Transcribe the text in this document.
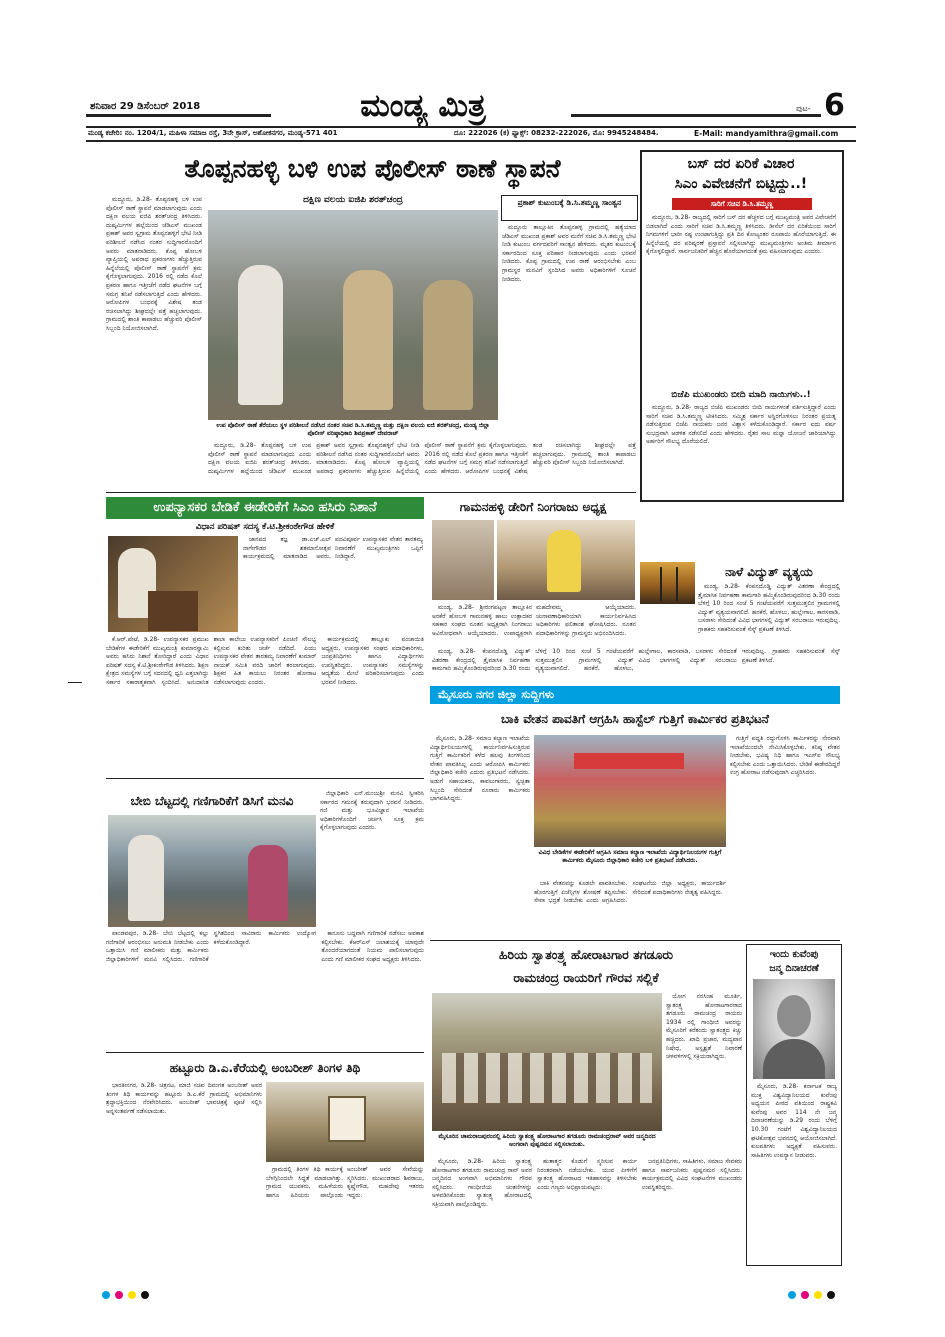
ಶನಿವಾರ 29 ಡಿಸೆಂಬರ್ 2018	ಮಂಡ್ಯ ಮಿತ್ರ	ಪುಟ- 6
ಮಂಡ್ಯ ಕಚೇರಿ: ನಂ. 1204/1, ಮಹಿಳಾ ಸಮಾಜ ರಸ್ತೆ, 3ನೇ ಕ್ರಾಸ್, ಅಶೋಕನಗರ, ಮಂಡ್ಯ-571 401	ದೂ: 222026 (ಕ) ಫ್ಯಾಕ್ಸ್: 08232-222026, ಮೊ: 9945248484.	E-Mail: mandyamithra@gmail.com
ತೊಪ್ಪನಹಳ್ಳಿ ಬಳಿ ಉಪ ಪೊಲೀಸ್ ಠಾಣೆ ಸ್ಥಾಪನೆ

ಮದ್ದೂರು, ಡಿ.28- ತೊಪ್ಪನಹಳ್ಳಿ ಬಳಿ ಉಪ ಪೊಲೀಸ್ ಠಾಣೆ ಸ್ಥಾಪನೆ ಮಾಡಲಾಗುವುದು ಎಂದು ದಕ್ಷಿಣ ವಲಯ ಐಜಿಪಿ ಶರತ್‌ಚಂದ್ರ ತಿಳಿಸಿದರು. ದುಷ್ಕರ್ಮಿಗಳ ಹಲ್ಲೆಯಿಂದ ಜೆಡಿಎಸ್ ಮುಖಂಡ ಪ್ರಕಾಶ್ ಅವರ ಸ್ವಗ್ರಾಮ ತೊಪ್ಪನಹಳ್ಳಿಗೆ ಭೇಟಿ ನೀಡಿ ಪರಿಶೀಲನೆ ನಡೆಸಿದ ನಂತರ ಸುದ್ದಿಗಾರರೊಂದಿಗೆ ಅವರು ಮಾತನಾಡಿದರು. ಕೊಪ್ಪ ಹೋಬಳಿ ವ್ಯಾಪ್ತಿಯಲ್ಲಿ ಅಪರಾಧ ಪ್ರಕರಣಗಳು ಹೆಚ್ಚುತ್ತಿರುವ ಹಿನ್ನೆಲೆಯಲ್ಲಿ ಪೊಲೀಸ್ ಠಾಣೆ ಸ್ಥಾಪನೆಗೆ ಕ್ರಮ ಕೈಗೊಳ್ಳಲಾಗುವುದು. 2016 ರಲ್ಲಿ ನಡೆದ ಕೊಲೆ ಪ್ರಕರಣ ಹಾಗೂ ಇತ್ತೀಚೆಗೆ ನಡೆದ ಘಟನೆಗಳ ಬಗ್ಗೆ ಸಮಗ್ರ ತನಿಖೆ ನಡೆಸಲಾಗುತ್ತಿದೆ ಎಂದು ಹೇಳಿದರು. ಆರೋಪಿಗಳ ಬಂಧನಕ್ಕೆ ವಿಶೇಷ ತಂಡ ರಚಿಸಲಾಗಿದ್ದು ಶೀಘ್ರದಲ್ಲೇ ಪತ್ತೆ ಹಚ್ಚಲಾಗುವುದು. ಗ್ರಾಮದಲ್ಲಿ ಶಾಂತಿ ಕಾಪಾಡಲು ಹೆಚ್ಚುವರಿ ಪೊಲೀಸ್ ಸಿಬ್ಬಂದಿ ನಿಯೋಜಿಸಲಾಗಿದೆ.

ದಕ್ಷಿಣ ವಲಯ ಐಜಿಪಿ ಶರತ್‌ಚಂದ್ರ
ಉಪ ಪೊಲೀಸ್ ಠಾಣೆ ತೆರೆಯಲು ಸ್ಥಳ ಪರಿಶೀಲನೆ ನಡೆಸಿದ ನಂತರ ಸಚಿವ ಡಿ.ಸಿ.ತಮ್ಮಣ್ಣ ಮತ್ತು ದಕ್ಷಿಣ ವಲಯ ಐಜಿ ಶರತ್‌ಚಂದ್ರ, ಮಂಡ್ಯ ಜಿಲ್ಲಾ ಪೊಲೀಸ್ ವರಿಷ್ಠಾಧಿಕಾರಿ ಶಿವಪ್ರಕಾಶ್ ದೇವರಾಜ್
ಪ್ರಕಾಶ್ ಕುಟುಂಬಕ್ಕೆ ಡಿ.ಸಿ.ತಮ್ಮಣ್ಣ ಸಾಂತ್ವನ

ಮದ್ದೂರು ತಾಲ್ಲೂಕಿನ ತೊಪ್ಪನಹಳ್ಳಿ ಗ್ರಾಮದಲ್ಲಿ ಹತ್ಯೆಯಾದ ಜೆಡಿಎಸ್ ಮುಖಂಡ ಪ್ರಕಾಶ್ ಅವರ ಮನೆಗೆ ಸಚಿವ ಡಿ.ಸಿ.ತಮ್ಮಣ್ಣ ಭೇಟಿ ನೀಡಿ ಕುಟುಂಬ ವರ್ಗದವರಿಗೆ ಸಾಂತ್ವನ ಹೇಳಿದರು. ಮೃತರ ಕುಟುಂಬಕ್ಕೆ ಸರ್ಕಾರದಿಂದ ಸೂಕ್ತ ಪರಿಹಾರ ನೀಡಲಾಗುವುದು ಎಂದು ಭರವಸೆ ನೀಡಿದರು. ಕೊಪ್ಪ ಗ್ರಾಮದಲ್ಲಿ ಉಪ ಠಾಣೆ ಆರಂಭಿಸಬೇಕು ಎಂಬ ಗ್ರಾಮಸ್ಥರ ಮನವಿಗೆ ಸ್ಪಂದಿಸಿದ ಅವರು ಅಧಿಕಾರಿಗಳಿಗೆ ಸೂಚನೆ ನೀಡಿದರು.

ಮದ್ದೂರು, ಡಿ.28- ತೊಪ್ಪನಹಳ್ಳಿ ಬಳಿ ಉಪ ಪೊಲೀಸ್ ಠಾಣೆ ಸ್ಥಾಪನೆ ಮಾಡಲಾಗುವುದು ಎಂದು ದಕ್ಷಿಣ ವಲಯ ಐಜಿಪಿ ಶರತ್‌ಚಂದ್ರ ತಿಳಿಸಿದರು. ದುಷ್ಕರ್ಮಿಗಳ ಹಲ್ಲೆಯಿಂದ ಜೆಡಿಎಸ್ ಮುಖಂಡ ಪ್ರಕಾಶ್ ಅವರ ಸ್ವಗ್ರಾಮ ತೊಪ್ಪನಹಳ್ಳಿಗೆ ಭೇಟಿ ನೀಡಿ ಪರಿಶೀಲನೆ ನಡೆಸಿದ ನಂತರ ಸುದ್ದಿಗಾರರೊಂದಿಗೆ ಅವರು ಮಾತನಾಡಿದರು. ಕೊಪ್ಪ ಹೋಬಳಿ ವ್ಯಾಪ್ತಿಯಲ್ಲಿ ಅಪರಾಧ ಪ್ರಕರಣಗಳು ಹೆಚ್ಚುತ್ತಿರುವ ಹಿನ್ನೆಲೆಯಲ್ಲಿ ಪೊಲೀಸ್ ಠಾಣೆ ಸ್ಥಾಪನೆಗೆ ಕ್ರಮ ಕೈಗೊಳ್ಳಲಾಗುವುದು. 2016 ರಲ್ಲಿ ನಡೆದ ಕೊಲೆ ಪ್ರಕರಣ ಹಾಗೂ ಇತ್ತೀಚೆಗೆ ನಡೆದ ಘಟನೆಗಳ ಬಗ್ಗೆ ಸಮಗ್ರ ತನಿಖೆ ನಡೆಸಲಾಗುತ್ತಿದೆ ಎಂದು ಹೇಳಿದರು. ಆರೋಪಿಗಳ ಬಂಧನಕ್ಕೆ ವಿಶೇಷ ತಂಡ ರಚಿಸಲಾಗಿದ್ದು ಶೀಘ್ರದಲ್ಲೇ ಪತ್ತೆ ಹಚ್ಚಲಾಗುವುದು. ಗ್ರಾಮದಲ್ಲಿ ಶಾಂತಿ ಕಾಪಾಡಲು ಹೆಚ್ಚುವರಿ ಪೊಲೀಸ್ ಸಿಬ್ಬಂದಿ ನಿಯೋಜಿಸಲಾಗಿದೆ.

ಬಸ್ ದರ ಏರಿಕೆ ವಿಚಾರ
ಸಿಎಂ ವಿವೇಚನೆಗೆ ಬಿಟ್ಟಿದ್ದು..!
ಸಾರಿಗೆ ಸಚಿವ ಡಿ.ಸಿ.ತಮ್ಮಣ್ಣ

ಮದ್ದೂರು, ಡಿ.28- ರಾಜ್ಯದಲ್ಲಿ ಸಾರಿಗೆ ಬಸ್ ದರ ಹೆಚ್ಚಳದ ಬಗ್ಗೆ ಮುಖ್ಯಮಂತ್ರಿ ಅವರ ವಿವೇಚನೆಗೆ ಬಿಡಲಾಗಿದೆ ಎಂದು ಸಾರಿಗೆ ಸಚಿವ ಡಿ.ಸಿ.ತಮ್ಮಣ್ಣ ತಿಳಿಸಿದರು. ಡೀಸೆಲ್ ದರ ಏರಿಕೆಯಿಂದ ಸಾರಿಗೆ ನಿಗಮಗಳಿಗೆ ಭಾರೀ ನಷ್ಟ ಉಂಟಾಗುತ್ತಿದ್ದು ಪ್ರತಿ ದಿನ ಕೋಟ್ಯಂತರ ರೂಪಾಯಿ ಹೊರೆಯಾಗುತ್ತಿದೆ. ಈ ಹಿನ್ನೆಲೆಯಲ್ಲಿ ದರ ಪರಿಷ್ಕರಣೆ ಪ್ರಸ್ತಾವನೆ ಸಲ್ಲಿಸಲಾಗಿದ್ದು ಮುಖ್ಯಮಂತ್ರಿಗಳು ಅಂತಿಮ ತೀರ್ಮಾನ ಕೈಗೊಳ್ಳಲಿದ್ದಾರೆ. ಸಾರ್ವಜನಿಕರಿಗೆ ಹೆಚ್ಚಿನ ಹೊರೆಯಾಗದಂತೆ ಕ್ರಮ ವಹಿಸಲಾಗುವುದು ಎಂದರು.

ಬಿಜೆಪಿ ಮುಖಂಡರು ಬೀದಿ ಮಾದಿ ನಾಯಿಗಳು..!

ಮದ್ದೂರು, ಡಿ.28- ರಾಜ್ಯದ ಬಿಜೆಪಿ ಮುಖಂಡರು ಬೀದಿ ನಾಯಿಗಳಂತೆ ವರ್ತಿಸುತ್ತಿದ್ದಾರೆ ಎಂದು ಸಾರಿಗೆ ಸಚಿವ ಡಿ.ಸಿ.ತಮ್ಮಣ್ಣ ಟೀಕಿಸಿದರು. ಸಮ್ಮಿಶ್ರ ಸರ್ಕಾರ ಅಸ್ಥಿರಗೊಳಿಸಲು ನಿರಂತರ ಪ್ರಯತ್ನ ನಡೆಸುತ್ತಿರುವ ಬಿಜೆಪಿ ನಾಯಕರು ಜನರ ವಿಶ್ವಾಸ ಕಳೆದುಕೊಂಡಿದ್ದಾರೆ. ಸರ್ಕಾರ ಐದು ವರ್ಷ ಸುಭದ್ರವಾಗಿ ಆಡಳಿತ ನಡೆಸಲಿದೆ ಎಂದು ಹೇಳಿದರು. ರೈತರ ಸಾಲ ಮನ್ನಾ ಯೋಜನೆ ಜಾರಿಯಾಗಿದ್ದು ಅರ್ಹರಿಗೆ ಸೌಲಭ್ಯ ದೊರೆಯಲಿದೆ.

ಉಪನ್ಯಾಸಕರ ಬೇಡಿಕೆ ಈಡೇರಿಕೆಗೆ ಸಿಎಂ ಹಸಿರು ನಿಶಾನೆ
ವಿಧಾನ ಪರಿಷತ್ ಸದಸ್ಯ ಕೆ.ಟಿ.ಶ್ರೀಕಂಠೇಗೌಡ ಹೇಳಿಕೆ

ಜಾನಪದ ತಜ್ಞ ಡಾ.ಎಚ್.ಎಲ್ ನಾಗೇಗೌಡರ ಶತಮಾನೋತ್ಸವ ಕಾರ್ಯಕ್ರಮದಲ್ಲಿ ಮಾತನಾಡಿದ ಅವರು, ಪದವಿಪೂರ್ವ ಉಪನ್ಯಾಸಕರ ವೇತನ ತಾರತಮ್ಯ ನಿವಾರಣೆಗೆ ಮುಖ್ಯಮಂತ್ರಿಗಳು ಒಪ್ಪಿಗೆ ನೀಡಿದ್ದಾರೆ.

ಕೆ.ಆರ್.ಪೇಟೆ, ಡಿ.28- ಉಪನ್ಯಾಸಕರ ಪ್ರಮುಖ ಬೇಡಿಕೆಗಳ ಈಡೇರಿಕೆಗೆ ಮುಖ್ಯಮಂತ್ರಿ ಕುಮಾರಸ್ವಾಮಿ ಅವರು ಹಸಿರು ನಿಶಾನೆ ತೋರಿದ್ದಾರೆ ಎಂದು ವಿಧಾನ ಪರಿಷತ್ ಸದಸ್ಯ ಕೆ.ಟಿ.ಶ್ರೀಕಂಠೇಗೌಡ ತಿಳಿಸಿದರು. ಶಿಕ್ಷಣ ಕ್ಷೇತ್ರದ ಸಮಸ್ಯೆಗಳ ಬಗ್ಗೆ ಸದನದಲ್ಲಿ ಧ್ವನಿ ಎತ್ತಲಾಗಿದ್ದು ಸರ್ಕಾರ ಸಕಾರಾತ್ಮಕವಾಗಿ ಸ್ಪಂದಿಸಿದೆ. ಅನುದಾನಿತ ಶಾಲಾ ಕಾಲೇಜು ಉಪನ್ಯಾಸಕರಿಗೆ ಪಿಂಚಣಿ ಸೌಲಭ್ಯ ಕಲ್ಪಿಸುವ ಕುರಿತು ಚರ್ಚೆ ನಡೆದಿದೆ. ಪಿಯು ಉಪನ್ಯಾಸಕರ ವೇತನ ತಾರತಮ್ಯ ನಿವಾರಣೆಗೆ ಕುಮಾರ್ ನಾಯಕ್ ಸಮಿತಿ ವರದಿ ಜಾರಿಗೆ ತರಲಾಗುವುದು. ಶಿಕ್ಷಕರ ಹಿತ ಕಾಯಲು ನಿರಂತರ ಹೋರಾಟ ನಡೆಸಲಾಗುವುದು ಎಂದರು.

ಕಾರ್ಯಕ್ರಮದಲ್ಲಿ ತಾಲ್ಲೂಕು ಪಂಚಾಯಿತಿ ಅಧ್ಯಕ್ಷರು, ಉಪನ್ಯಾಸಕರ ಸಂಘದ ಪದಾಧಿಕಾರಿಗಳು, ಜನಪ್ರತಿನಿಧಿಗಳು ಹಾಗೂ ವಿದ್ಯಾರ್ಥಿಗಳು ಉಪಸ್ಥಿತರಿದ್ದರು. ಉಪನ್ಯಾಸಕರ ಸಮಸ್ಯೆಗಳನ್ನು ಆದ್ಯತೆಯ ಮೇಲೆ ಪರಿಹರಿಸಲಾಗುವುದು ಎಂದು ಭರವಸೆ ನೀಡಿದರು.

ಗಾಮನಹಳ್ಳಿ ಡೇರಿಗೆ ನಿಂಗರಾಜು ಅಧ್ಯಕ್ಷ

ಮಂಡ್ಯ, ಡಿ.28- ಶ್ರೀರಂಗಪಟ್ಟಣ ತಾಲ್ಲೂಕಿನ ಅರಕೆರೆ ಹೋಬಳಿ ಗಾಮನಹಳ್ಳಿ ಹಾಲು ಉತ್ಪಾದಕರ ಸಹಕಾರ ಸಂಘದ ನೂತನ ಅಧ್ಯಕ್ಷರಾಗಿ ನಿಂಗರಾಜು ಅವಿರೋಧವಾಗಿ ಆಯ್ಕೆಯಾದರು. ಉಪಾಧ್ಯಕ್ಷರಾಗಿ ಮಹದೇವಮ್ಮ ಆಯ್ಕೆಯಾದರು. ಚುನಾವಣಾಧಿಕಾರಿಯಾಗಿ ಕಾರ್ಯನಿರ್ವಹಿಸಿದ ಅಧಿಕಾರಿಗಳು ಫಲಿತಾಂಶ ಘೋಷಿಸಿದರು. ನೂತನ ಪದಾಧಿಕಾರಿಗಳನ್ನು ಗ್ರಾಮಸ್ಥರು ಅಭಿನಂದಿಸಿದರು.

ನಾಳೆ ವಿದ್ಯುತ್ ವ್ಯತ್ಯಯ

ಮಂಡ್ಯ, ಡಿ.28- ಕೆಂಪನದೊಡ್ಡಿ ವಿದ್ಯುತ್ ವಿತರಣಾ ಕೇಂದ್ರದಲ್ಲಿ ತ್ರೈಮಾಸಿಕ ನಿರ್ವಹಣಾ ಕಾಮಗಾರಿ ಹಮ್ಮಿಕೊಂಡಿರುವುದರಿಂದ ಡಿ.30 ರಂದು ಬೆಳಿಗ್ಗೆ 10 ರಿಂದ ಸಂಜೆ 5 ಗಂಟೆಯವರೆಗೆ ಸುತ್ತಮುತ್ತಲಿನ ಗ್ರಾಮಗಳಲ್ಲಿ ವಿದ್ಯುತ್ ವ್ಯತ್ಯಯವಾಗಲಿದೆ. ಹನಕೆರೆ, ಹೊಳಲು, ಹುಲ್ಲೇಗಾಲ, ಕಾರಸವಾಡಿ, ಬಸರಾಳು ಸೇರಿದಂತೆ ವಿವಿಧ ಭಾಗಗಳಲ್ಲಿ ವಿದ್ಯುತ್ ಸರಬರಾಜು ಇರುವುದಿಲ್ಲ. ಗ್ರಾಹಕರು ಸಹಕರಿಸುವಂತೆ ಸೆಸ್ಕ್ ಪ್ರಕಟಣೆ ತಿಳಿಸಿದೆ.

ಮಂಡ್ಯ, ಡಿ.28- ಕೆಂಪನದೊಡ್ಡಿ ವಿದ್ಯುತ್ ವಿತರಣಾ ಕೇಂದ್ರದಲ್ಲಿ ತ್ರೈಮಾಸಿಕ ನಿರ್ವಹಣಾ ಕಾಮಗಾರಿ ಹಮ್ಮಿಕೊಂಡಿರುವುದರಿಂದ ಡಿ.30 ರಂದು ಬೆಳಿಗ್ಗೆ 10 ರಿಂದ ಸಂಜೆ 5 ಗಂಟೆಯವರೆಗೆ ಸುತ್ತಮುತ್ತಲಿನ ಗ್ರಾಮಗಳಲ್ಲಿ ವಿದ್ಯುತ್ ವ್ಯತ್ಯಯವಾಗಲಿದೆ. ಹನಕೆರೆ, ಹೊಳಲು, ಹುಲ್ಲೇಗಾಲ, ಕಾರಸವಾಡಿ, ಬಸರಾಳು ಸೇರಿದಂತೆ ವಿವಿಧ ಭಾಗಗಳಲ್ಲಿ ವಿದ್ಯುತ್ ಸರಬರಾಜು ಇರುವುದಿಲ್ಲ. ಗ್ರಾಹಕರು ಸಹಕರಿಸುವಂತೆ ಸೆಸ್ಕ್ ಪ್ರಕಟಣೆ ತಿಳಿಸಿದೆ.

ಮೈಸೂರು ನಗರ ಜಿಲ್ಲಾ ಸುದ್ದಿಗಳು
ಬಾಕಿ ವೇತನ ಪಾವತಿಗೆ ಆಗ್ರಹಿಸಿ ಹಾಸ್ಟೆಲ್ ಗುತ್ತಿಗೆ ಕಾರ್ಮಿಕರ ಪ್ರತಿಭಟನೆ

ಮೈಸೂರು, ಡಿ.28- ಸಮಾಜ ಕಲ್ಯಾಣ ಇಲಾಖೆಯ ವಿದ್ಯಾರ್ಥಿನಿಲಯಗಳಲ್ಲಿ ಕಾರ್ಯನಿರ್ವಹಿಸುತ್ತಿರುವ ಗುತ್ತಿಗೆ ಕಾರ್ಮಿಕರಿಗೆ ಕಳೆದ ಹಲವು ತಿಂಗಳಿನಿಂದ ವೇತನ ಪಾವತಿಸಿಲ್ಲ ಎಂದು ಆರೋಪಿಸಿ ಕಾರ್ಮಿಕರು ಜಿಲ್ಲಾಧಿಕಾರಿ ಕಚೇರಿ ಎದುರು ಪ್ರತಿಭಟನೆ ನಡೆಸಿದರು. ಅಡುಗೆ ಸಹಾಯಕರು, ಕಾವಲುಗಾರರು, ಸ್ವಚ್ಛತಾ ಸಿಬ್ಬಂದಿ ಸೇರಿದಂತೆ ನೂರಾರು ಕಾರ್ಮಿಕರು ಭಾಗವಹಿಸಿದ್ದರು.

ವಿವಿಧ ಬೇಡಿಕೆಗಳ ಈಡೇರಿಕೆಗೆ ಆಗ್ರಹಿಸಿ ಸಮಾಜ ಕಲ್ಯಾಣ ಇಲಾಖೆಯ ವಿದ್ಯಾರ್ಥಿನಿಲಯಗಳ ಗುತ್ತಿಗೆ ಕಾರ್ಮಿಕರು ಮೈಸೂರು ಜಿಲ್ಲಾಧಿಕಾರಿ ಕಚೇರಿ ಬಳಿ ಪ್ರತಿಭಟನೆ ನಡೆಸಿದರು.

ಗುತ್ತಿಗೆ ಪದ್ಧತಿ ರದ್ದುಗೊಳಿಸಿ ಕಾರ್ಮಿಕರನ್ನು ನೇರವಾಗಿ ಇಲಾಖೆಯಿಂದಲೇ ನೇಮಿಸಿಕೊಳ್ಳಬೇಕು. ಕನಿಷ್ಠ ವೇತನ ನೀಡಬೇಕು, ಭವಿಷ್ಯ ನಿಧಿ ಹಾಗೂ ಇಎಸ್‌ಐ ಸೌಲಭ್ಯ ಕಲ್ಪಿಸಬೇಕು ಎಂದು ಒತ್ತಾಯಿಸಿದರು. ಬೇಡಿಕೆ ಈಡೇರದಿದ್ದರೆ ಉಗ್ರ ಹೋರಾಟ ನಡೆಸುವುದಾಗಿ ಎಚ್ಚರಿಸಿದರು.

ಬಾಕಿ ವೇತನವನ್ನು ಕೂಡಲೇ ಪಾವತಿಸಬೇಕು. ಹೊರಗುತ್ತಿಗೆ ಏಜೆನ್ಸಿಗಳ ಶೋಷಣೆ ತಪ್ಪಿಸಬೇಕು. ಸೇವಾ ಭದ್ರತೆ ನೀಡಬೇಕು ಎಂದು ಆಗ್ರಹಿಸಿದರು. ಸಂಘಟನೆಯ ಜಿಲ್ಲಾ ಅಧ್ಯಕ್ಷರು, ಕಾರ್ಯದರ್ಶಿ ಸೇರಿದಂತೆ ಪದಾಧಿಕಾರಿಗಳು ನೇತೃತ್ವ ವಹಿಸಿದ್ದರು.

ಬೇಬಿ ಬೆಟ್ಟದಲ್ಲಿ ಗಣಿಗಾರಿಕೆಗೆ ಡಿಸಿಗೆ ಮನವಿ

ಜಿಲ್ಲಾಧಿಕಾರಿ ಎನ್.ಮಂಜುಶ್ರೀ ಮನವಿ ಸ್ವೀಕರಿಸಿ ಸರ್ಕಾರದ ಗಮನಕ್ಕೆ ತರುವುದಾಗಿ ಭರವಸೆ ನೀಡಿದರು. ಗಣಿ ಮತ್ತು ಭೂವಿಜ್ಞಾನ ಇಲಾಖೆಯ ಅಧಿಕಾರಿಗಳೊಂದಿಗೆ ಚರ್ಚಿಸಿ ಸೂಕ್ತ ಕ್ರಮ ಕೈಗೊಳ್ಳಲಾಗುವುದು ಎಂದರು.

ಪಾಂಡವಪುರ, ಡಿ.28- ಬೇಬಿ ಬೆಟ್ಟದಲ್ಲಿ ಕಲ್ಲು ಗಣಿಗಾರಿಕೆ ಆರಂಭಿಸಲು ಅನುಮತಿ ನೀಡಬೇಕು ಎಂದು ಒತ್ತಾಯಿಸಿ ಗಣಿ ಮಾಲೀಕರು ಮತ್ತು ಕಾರ್ಮಿಕರು ಜಿಲ್ಲಾಧಿಕಾರಿಗಳಿಗೆ ಮನವಿ ಸಲ್ಲಿಸಿದರು. ಗಣಿಗಾರಿಕೆ ಸ್ಥಗಿತದಿಂದ ಸಾವಿರಾರು ಕಾರ್ಮಿಕರು ಉದ್ಯೋಗ ಕಳೆದುಕೊಂಡಿದ್ದಾರೆ.

ಕಾನೂನು ಬದ್ಧವಾಗಿ ಗಣಿಗಾರಿಕೆ ನಡೆಸಲು ಅವಕಾಶ ಕಲ್ಪಿಸಬೇಕು. ಕೆಆರ್‌ಎಸ್ ಜಲಾಶಯಕ್ಕೆ ಯಾವುದೇ ತೊಂದರೆಯಾಗದಂತೆ ನಿಯಮ ಪಾಲಿಸಲಾಗುವುದು ಎಂದು ಗಣಿ ಮಾಲೀಕರ ಸಂಘದ ಅಧ್ಯಕ್ಷರು ತಿಳಿಸಿದರು.

ಹಟ್ಟೂರು ಡಿ.ಎ.ಕೆರೆಯಲ್ಲಿ ಅಂಬರೀಶ್ ತಿಂಗಳ ತಿಥಿ

ಭಾರತೀನಗರ, ಡಿ.28- ಚಿತ್ರನಟ, ಮಾಜಿ ಸಚಿವ ದಿವಂಗತ ಅಂಬರೀಶ್ ಅವರ ತಿಂಗಳ ತಿಥಿ ಕಾರ್ಯವನ್ನು ಹಟ್ಟೂರು ಡಿ.ಎ.ಕೆರೆ ಗ್ರಾಮದಲ್ಲಿ ಅಭಿಮಾನಿಗಳು ಶ್ರದ್ಧಾಭಕ್ತಿಯಿಂದ ನೆರವೇರಿಸಿದರು. ಅಂಬರೀಶ್ ಭಾವಚಿತ್ರಕ್ಕೆ ಪೂಜೆ ಸಲ್ಲಿಸಿ ಅನ್ನಸಂತರ್ಪಣೆ ನಡೆಸಲಾಯಿತು.

ಗ್ರಾಮದಲ್ಲಿ ತಿಂಗಳ ತಿಥಿ ಕಾರ್ಯಕ್ಕೆ ಬೆಳಗ್ಗಿನಿಂದಲೇ ಸಿದ್ಧತೆ ಮಾಡಲಾಗಿತ್ತು. ಗ್ರಾಮದ ಯುವಕರು, ಮಹಿಳೆಯರು ಹಾಗೂ ಹಿರಿಯರು ಪಾಲ್ಗೊಂಡು ಅಂಬರೀಶ್ ಅವರ ಸೇವೆಯನ್ನು ಸ್ಮರಿಸಿದರು. ಮುಖಂಡರಾದ ಶಿವರಾಜು, ಕೃಷ್ಣೇಗೌಡ, ಮಹದೇವು ಇತರರು ಇದ್ದರು.

ಹಿರಿಯ ಸ್ವಾತಂತ್ರ್ಯ ಹೋರಾಟಗಾರ ತಗಡೂರು
ರಾಮಚಂದ್ರ ರಾಯರಿಗೆ ಗೌರವ ಸಲ್ಲಿಕೆ
ಮೈಸೂರಿನ ಚಾಮರಾಜಪುರಂನಲ್ಲಿ ಹಿರಿಯ ಸ್ವಾತಂತ್ರ್ಯ ಹೋರಾಟಗಾರ ತಗಡೂರು ರಾಮಚಂದ್ರರಾವ್ ಅವರ ಜನ್ಮದಿನದ ಅಂಗವಾಗಿ ಪುಷ್ಪನಮನ ಸಲ್ಲಿಸಲಾಯಿತು.

ಯೋಗ ನರಸಿಂಹ ಮೂರ್ತಿ, ಸ್ವಾತಂತ್ರ್ಯ ಹೋರಾಟಗಾರರಾದ ತಗಡೂರು ರಾಮಚಂದ್ರ ರಾಯರು 1934 ರಲ್ಲಿ ಗಾಂಧೀಜಿ ಅವರನ್ನು ಮೈಸೂರಿಗೆ ಕರೆತಂದು ಸ್ವಾತಂತ್ರ್ಯದ ಕಿಚ್ಚು ಹಚ್ಚಿದರು. ಖಾದಿ ಪ್ರಚಾರ, ಮದ್ಯಪಾನ ನಿಷೇಧ, ಅಸ್ಪೃಶ್ಯತೆ ನಿವಾರಣೆ ಚಳವಳಿಗಳಲ್ಲಿ ಸಕ್ರಿಯರಾಗಿದ್ದರು.

ಮೈಸೂರು, ಡಿ.28- ಹಿರಿಯ ಸ್ವಾತಂತ್ರ್ಯ ಹೋರಾಟಗಾರ ತಗಡೂರು ರಾಮಚಂದ್ರ ರಾವ್ ಅವರ ಜನ್ಮದಿನದ ಅಂಗವಾಗಿ ಅಭಿಮಾನಿಗಳು ಗೌರವ ಸಲ್ಲಿಸಿದರು. ಗಾಂಧೀಜಿಯ ಚಿಂತನೆಗಳನ್ನು ಅಳವಡಿಸಿಕೊಂಡು ಸ್ವಾತಂತ್ರ್ಯ ಹೋರಾಟದಲ್ಲಿ ಸಕ್ರಿಯವಾಗಿ ಪಾಲ್ಗೊಂಡಿದ್ದರು.

ಹುತಾತ್ಮರ ಕೊಡುಗೆ ಸ್ಮರಿಸುವ ಕಾರ್ಯ ನಿರಂತರವಾಗಿ ನಡೆಯಬೇಕು. ಯುವ ಪೀಳಿಗೆಗೆ ಸ್ವಾತಂತ್ರ್ಯ ಹೋರಾಟದ ಇತಿಹಾಸವನ್ನು ತಿಳಿಸಬೇಕು ಎಂದು ಗಣ್ಯರು ಅಭಿಪ್ರಾಯಪಟ್ಟರು.

ಜನಪ್ರತಿನಿಧಿಗಳು, ಸಾಹಿತಿಗಳು, ಸಮಾಜ ಸೇವಕರು ಹಾಗೂ ಸಾರ್ವಜನಿಕರು ಪುಷ್ಪನಮನ ಸಲ್ಲಿಸಿದರು. ಕಾರ್ಯಕ್ರಮದಲ್ಲಿ ವಿವಿಧ ಸಂಘಟನೆಗಳ ಮುಖಂಡರು ಉಪಸ್ಥಿತರಿದ್ದರು.

ಇಂದು ಕುವೆಂಪು
ಜನ್ಮ ದಿನಾಚರಣೆ

ಮೈಸೂರು, ಡಿ.28- ಕರ್ನಾಟಕ ರಾಜ್ಯ ಮುಕ್ತ ವಿಶ್ವವಿದ್ಯಾನಿಲಯದ ಕುವೆಂಪು ಅಧ್ಯಯನ ಪೀಠದ ವತಿಯಿಂದ ರಾಷ್ಟ್ರಕವಿ ಕುವೆಂಪು ಅವರ 114 ನೇ ಜನ್ಮ ದಿನಾಚರಣೆಯನ್ನು ಡಿ.29 ರಂದು ಬೆಳಿಗ್ಗೆ 10.30 ಗಂಟೆಗೆ ವಿಶ್ವವಿದ್ಯಾನಿಲಯದ ಘಟಿಕೋತ್ಸವ ಭವನದಲ್ಲಿ ಆಯೋಜಿಸಲಾಗಿದೆ. ಕುಲಪತಿಗಳು ಅಧ್ಯಕ್ಷತೆ ವಹಿಸುವರು. ಸಾಹಿತಿಗಳು ಉಪನ್ಯಾಸ ನೀಡುವರು.
